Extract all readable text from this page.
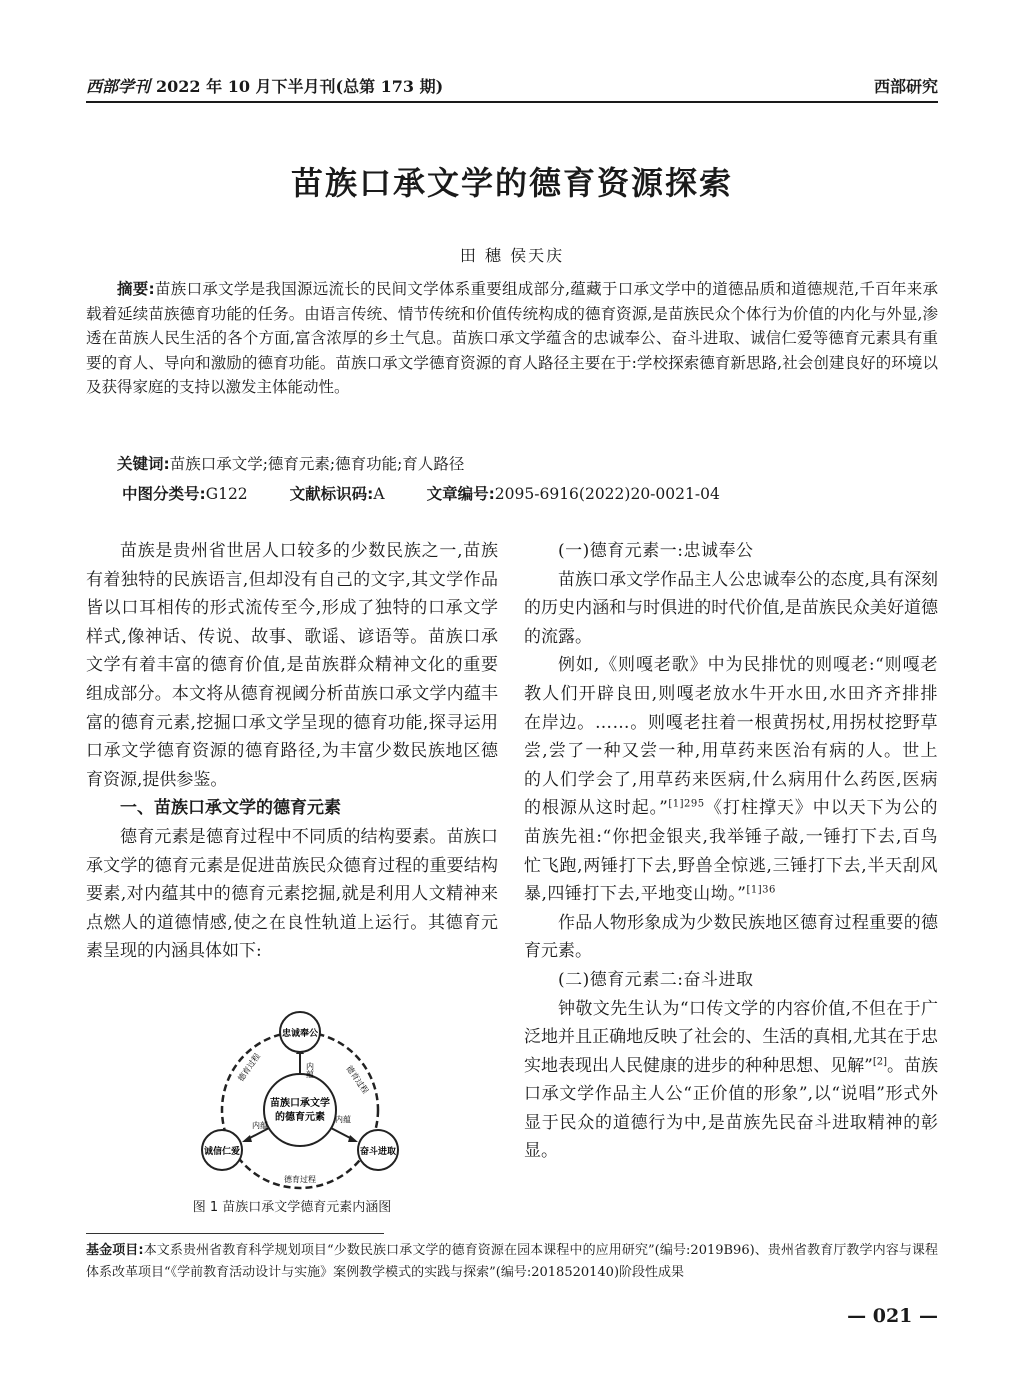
西部学刊 2022 年 10 月下半月刊(总第 173 期)	西部研究
苗族口承文学的德育资源探索
田 穗 侯天庆
摘要:苗族口承文学是我国源远流长的民间文学体系重要组成部分,蕴藏于口承文学中的道德品质和道德规范,千百年来承载着延续苗族德育功能的任务。由语言传统、情节传统和价值传统构成的德育资源,是苗族民众个体行为价值的内化与外显,渗透在苗族人民生活的各个方面,富含浓厚的乡土气息。苗族口承文学蕴含的忠诚奉公、奋斗进取、诚信仁爱等德育元素具有重要的育人、导向和激励的德育功能。苗族口承文学德育资源的育人路径主要在于:学校探索德育新思路,社会创建良好的环境以及获得家庭的支持以激发主体能动性。
关键词:苗族口承文学;德育元素;德育功能;育人路径
中图分类号:G122	文献标识码:A	文章编号:2095-6916(2022)20-0021-04

苗族是贵州省世居人口较多的少数民族之一,苗族有着独特的民族语言,但却没有自己的文字,其文学作品皆以口耳相传的形式流传至今,形成了独特的口承文学样式,像神话、传说、故事、歌谣、谚语等。苗族口承文学有着丰富的德育价值,是苗族群众精神文化的重要组成部分。本文将从德育视阈分析苗族口承文学内蕴丰富的德育元素,挖掘口承文学呈现的德育功能,探寻运用口承文学德育资源的德育路径,为丰富少数民族地区德育资源,提供参鉴。

一、苗族口承文学的德育元素

德育元素是德育过程中不同质的结构要素。苗族口承文学的德育元素是促进苗族民众德育过程的重要结构要素,对内蕴其中的德育元素挖掘,就是利用人文精神来点燃人的道德情感,使之在良性轨道上运行。其德育元素呈现的内涵具体如下:

苗族口承文学
的德育元素
内蕴
内蕴
内蕴
忠诚奉公
诚信仁爱	奋斗进取
德育过程	德育过程
德育过程
图 1 苗族口承文学德育元素内涵图

(一)德育元素一:忠诚奉公

苗族口承文学作品主人公忠诚奉公的态度,具有深刻的历史内涵和与时俱进的时代价值,是苗族民众美好道德的流露。

例如,《则嘎老歌》中为民排忧的则嘎老:“则嘎老教人们开辟良田,则嘎老放水牛开水田,水田齐齐排排在岸边。……。则嘎老拄着一根黄拐杖,用拐杖挖野草尝,尝了一种又尝一种,用草药来医治有病的人。世上的人们学会了,用草药来医病,什么病用什么药医,医病的根源从这时起。”$^{[1]295}$《打柱撑天》中以天下为公的苗族先祖:“你把金银夹,我举锤子敲,一锤打下去,百鸟忙飞跑,两锤打下去,野兽全惊逃,三锤打下去,半天刮风暴,四锤打下去,平地变山坳。”$^{[1]36}$

作品人物形象成为少数民族地区德育过程重要的德育元素。

(二)德育元素二:奋斗进取

钟敬文先生认为“口传文学的内容价值,不但在于广泛地并且正确地反映了社会的、生活的真相,尤其在于忠实地表现出人民健康的进步的种种思想、见解”[2]。苗族口承文学作品主人公“正价值的形象”,以“说唱”形式外显于民众的道德行为中,是苗族先民奋斗进取精神的彰显。

基金项目:本文系贵州省教育科学规划项目“少数民族口承文学的德育资源在园本课程中的应用研究”(编号:2019B96)、贵州省教育厅教学内容与课程体系改革项目“《学前教育活动设计与实施》案例教学模式的实践与探索”(编号:2018520140)阶段性成果
— 021 —
